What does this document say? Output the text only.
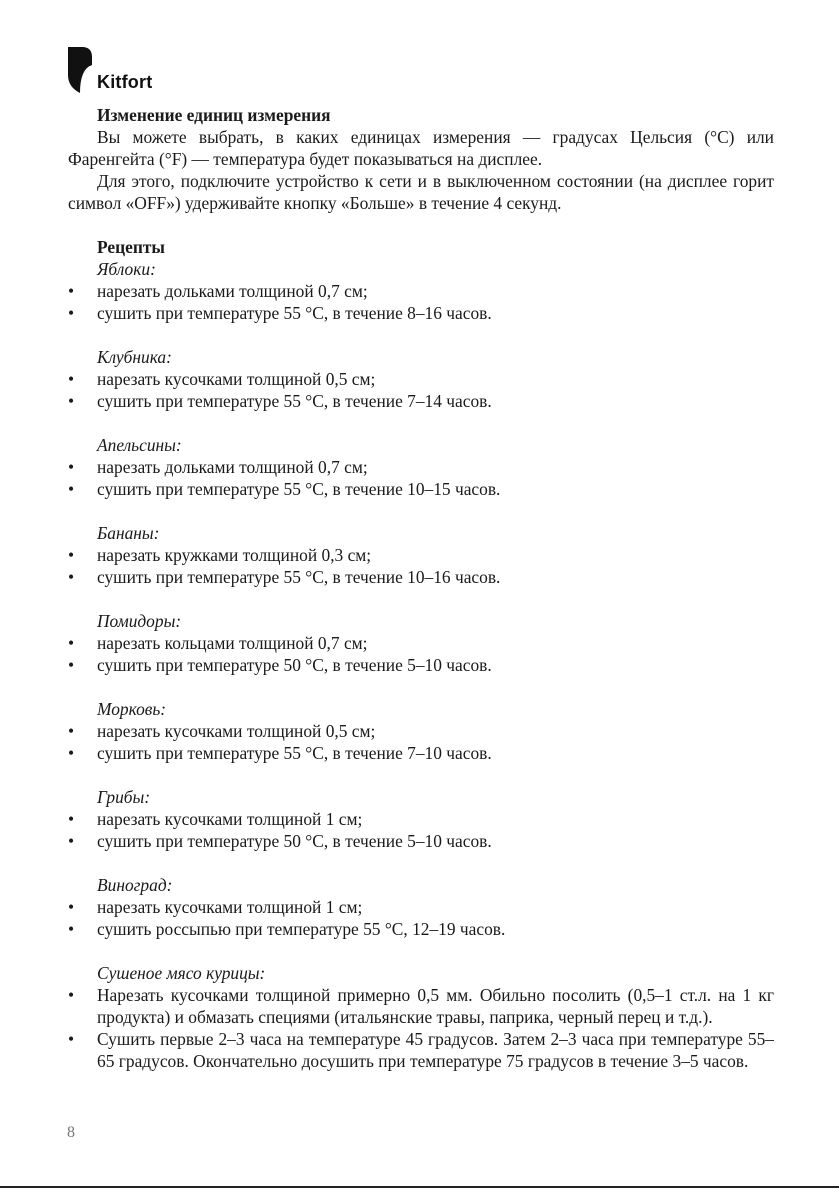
Kitfort
Изменение единиц измерения
Вы можете выбрать, в каких единицах измерения — градусах Цельсия (°C) или Фаренгейта (°F) — температура будет показываться на дисплее.
Для этого, подключите устройство к сети и в выключенном состоянии (на дисплее горит символ «OFF») удерживайте кнопку «Больше» в течение 4 секунд.
Рецепты
Яблоки:
• нарезать дольками толщиной 0,7 см;
• сушить при температуре 55 °C, в течение 8–16 часов.
Клубника:
• нарезать кусочками толщиной 0,5 см;
• сушить при температуре 55 °C, в течение 7–14 часов.
Апельсины:
• нарезать дольками толщиной 0,7 см;
• сушить при температуре 55 °C, в течение 10–15 часов.
Бананы:
• нарезать кружками толщиной 0,3 см;
• сушить при температуре 55 °C, в течение 10–16 часов.
Помидоры:
• нарезать кольцами толщиной 0,7 см;
• сушить при температуре 50 °C, в течение 5–10 часов.
Морковь:
• нарезать кусочками толщиной 0,5 см;
• сушить при температуре 55 °C, в течение 7–10 часов.
Грибы:
• нарезать кусочками толщиной 1 см;
• сушить при температуре 50 °C, в течение 5–10 часов.
Виноград:
• нарезать кусочками толщиной 1 см;
• сушить россыпью при температуре 55 °C, 12–19 часов.
Сушеное мясо курицы:
• Нарезать кусочками толщиной примерно 0,5 мм. Обильно посолить (0,5–1 ст.л. на 1 кг продукта) и обмазать специями (итальянские травы, паприка, черный перец и т.д.).
• Сушить первые 2–3 часа на температуре 45 градусов. Затем 2–3 часа при температуре 55–65 градусов. Окончательно досушить при температуре 75 градусов в течение 3–5 часов.
8
